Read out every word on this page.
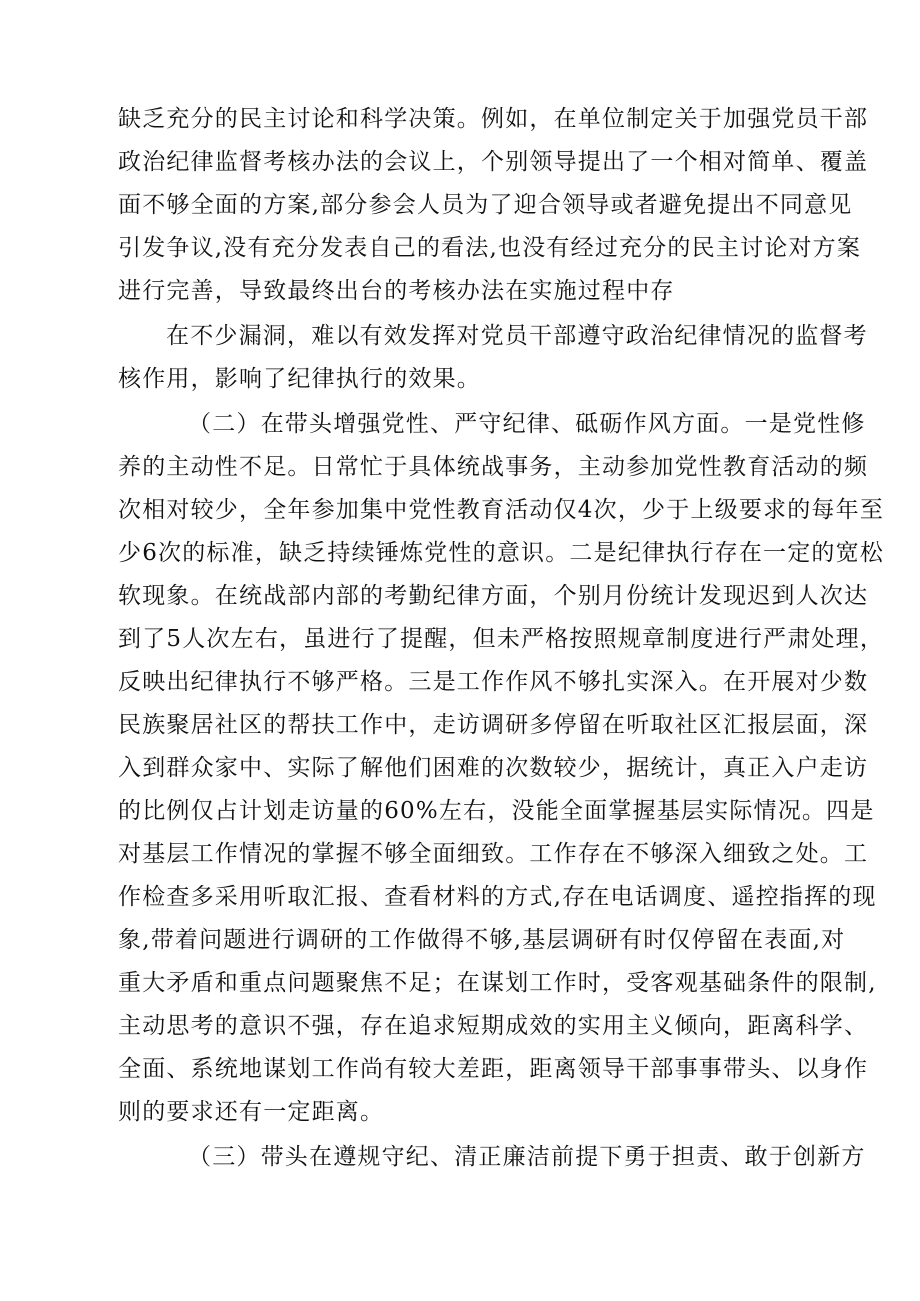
缺乏充分的民主讨论和科学决策。例如，在单位制定关于加强党员干部
政治纪律监督考核办法的会议上，个别领导提出了一个相对简单、覆盖
面不够全面的方案,部分参会人员为了迎合领导或者避免提出不同意见
引发争议,没有充分发表自己的看法,也没有经过充分的民主讨论对方案
进行完善，导致最终出台的考核办法在实施过程中存
在不少漏洞，难以有效发挥对党员干部遵守政治纪律情况的监督考
核作用，影响了纪律执行的效果。
（二）在带头增强党性、严守纪律、砥砺作风方面。一是党性修
养的主动性不足。日常忙于具体统战事务，主动参加党性教育活动的频
次相对较少，全年参加集中党性教育活动仅4次，少于上级要求的每年至
少6次的标准，缺乏持续锤炼党性的意识。二是纪律执行存在一定的宽松
软现象。在统战部内部的考勤纪律方面，个别月份统计发现迟到人次达
到了5人次左右，虽进行了提醒，但未严格按照规章制度进行严肃处理，
反映出纪律执行不够严格。三是工作作风不够扎实深入。在开展对少数
民族聚居社区的帮扶工作中，走访调研多停留在听取社区汇报层面，深
入到群众家中、实际了解他们困难的次数较少，据统计，真正入户走访
的比例仅占计划走访量的60%左右，没能全面掌握基层实际情况。四是
对基层工作情况的掌握不够全面细致。工作存在不够深入细致之处。工
作检查多采用听取汇报、查看材料的方式,存在电话调度、遥控指挥的现
象,带着问题进行调研的工作做得不够,基层调研有时仅停留在表面,对
重大矛盾和重点问题聚焦不足；在谋划工作时，受客观基础条件的限制,
主动思考的意识不强，存在追求短期成效的实用主义倾向，距离科学、
全面、系统地谋划工作尚有较大差距，距离领导干部事事带头、以身作
则的要求还有一定距离。
（三）带头在遵规守纪、清正廉洁前提下勇于担责、敢于创新方
